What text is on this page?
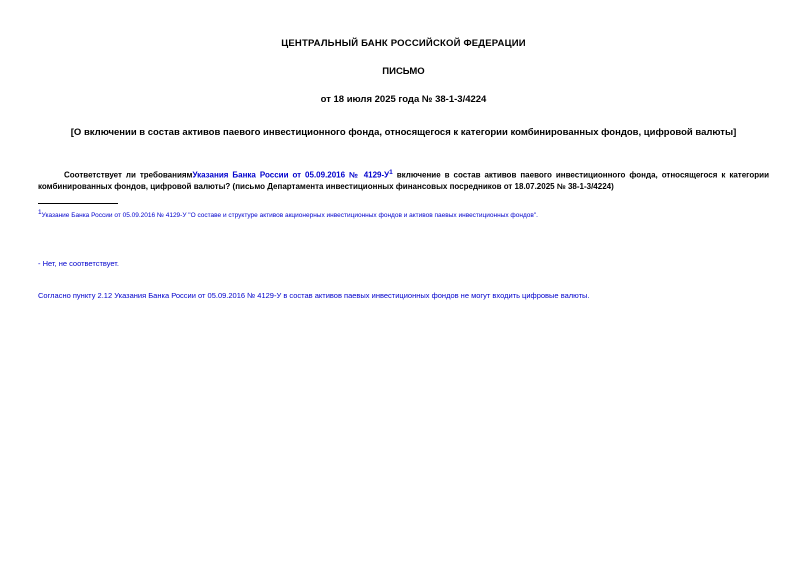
ЦЕНТРАЛЬНЫЙ БАНК РОССИЙСКОЙ ФЕДЕРАЦИИ
ПИСЬМО
от 18 июля 2025 года № 38-1-3/4224
[О включении в состав активов паевого инвестиционного фонда, относящегося к категории комбинированных фондов, цифровой валюты]
Соответствует ли требованиямУказания Банка России от 05.09.2016 № $4129-У^1$ включение в состав активов паевого инвестиционного фонда, относящегося к категории комбинированных фондов, цифровой валюты? (письмо Департамента инвестиционных финансовых посредников от 18.07.2025 № 38-1-3/4224)
1Указание Банка России от 05.09.2016 № 4129-У "О составе и структуре активов акционерных инвестиционных фондов и активов паевых инвестиционных фондов".
- Нет, не соответствует.
Согласно пункту 2.12 Указания Банка России от 05.09.2016 № 4129-У в состав активов паевых инвестиционных фондов не могут входить цифровые валюты.
